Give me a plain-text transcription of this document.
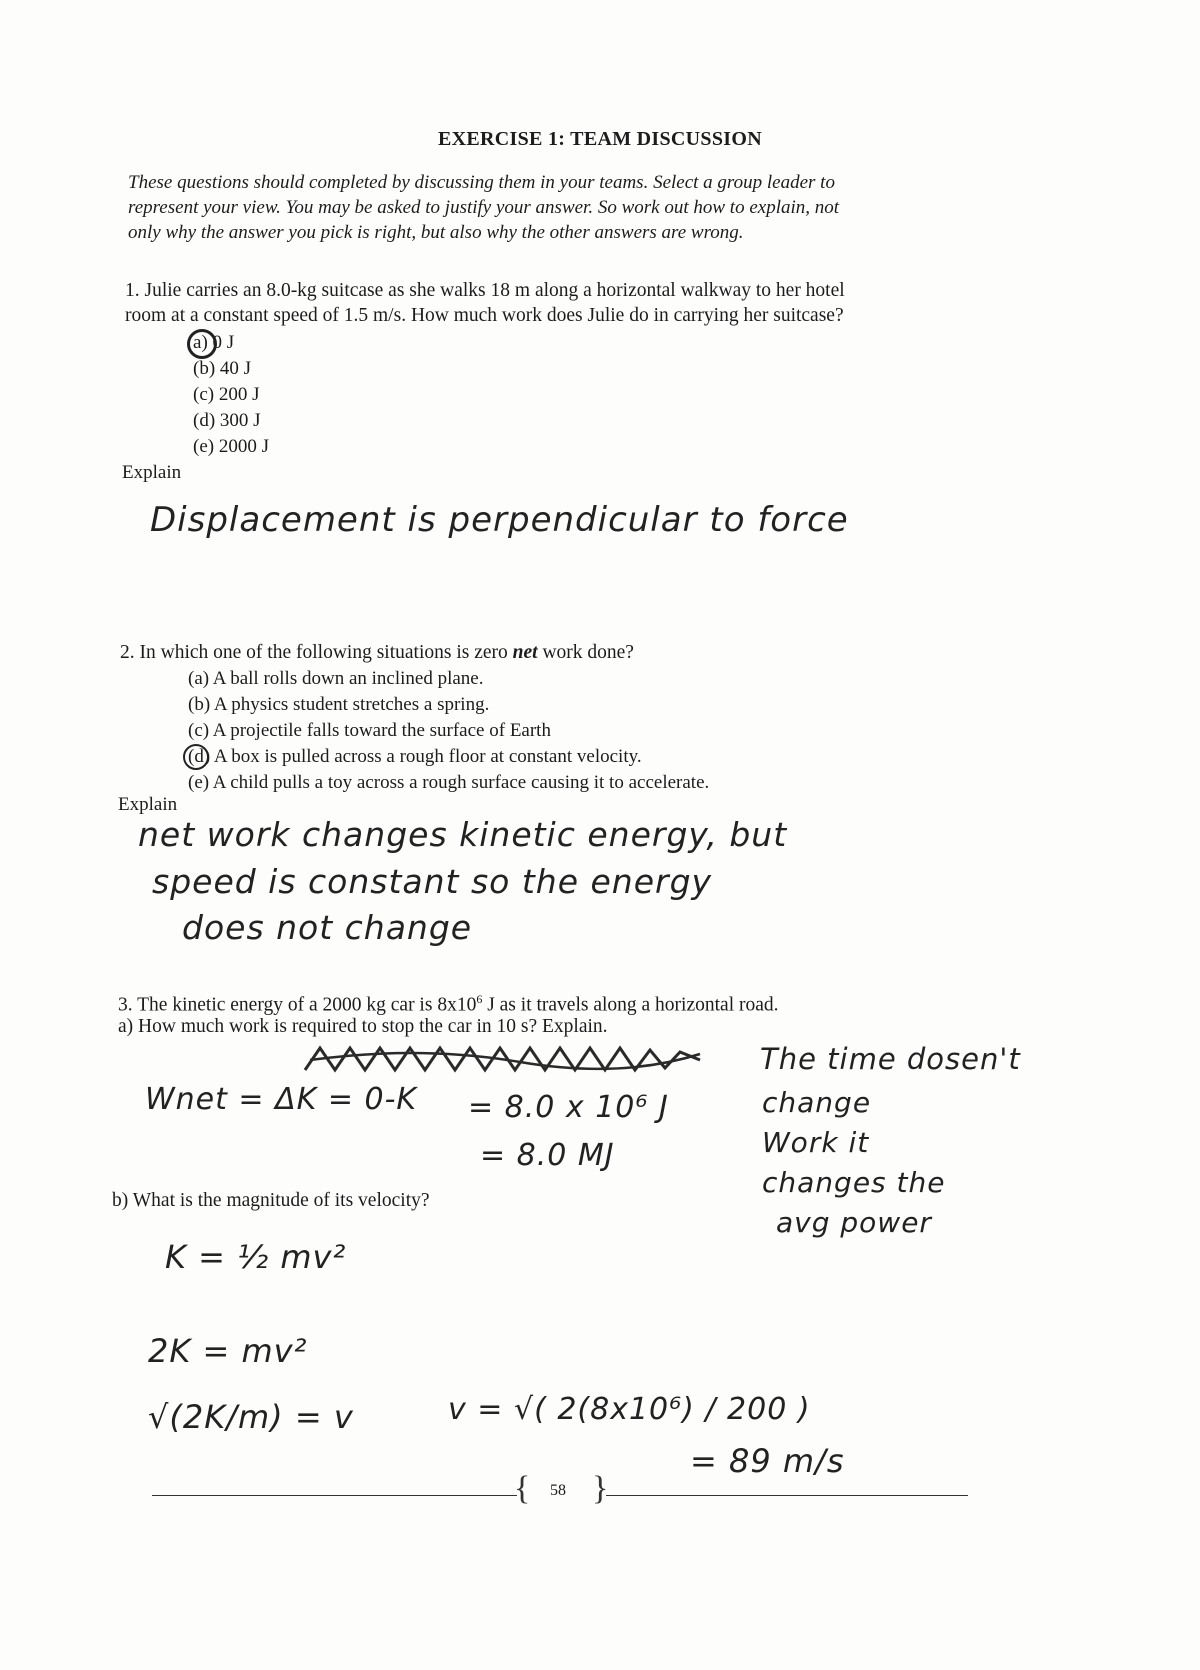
EXERCISE 1: TEAM DISCUSSION
These questions should completed by discussing them in your teams. Select a group leader to
represent your view. You may be asked to justify your answer. So work out how to explain, not
only why the answer you pick is right, but also why the other answers are wrong.
1. Julie carries an 8.0-kg suitcase as she walks 18 m along a horizontal walkway to her hotel
room at a constant speed of 1.5 m/s. How much work does Julie do in carrying her suitcase?
a) 0 J
(b) 40 J
(c) 200 J
(d) 300 J
(e) 2000 J
Explain
Displacement is perpendicular to force
2. In which one of the following situations is zero net work done?
(a) A ball rolls down an inclined plane.
(b) A physics student stretches a spring.
(c) A projectile falls toward the surface of Earth
(d) A box is pulled across a rough floor at constant velocity.
(e) A child pulls a toy across a rough surface causing it to accelerate.
Explain
net work changes kinetic energy, but
speed is constant so the energy
does not change
3. The kinetic energy of a 2000 kg car is $8x10^6$ J as it travels along a horizontal road.
a) How much work is required to stop the car in 10 s? Explain.
Wnet = ΔK = 0-K = 8.0 x 10⁶ J
= 8.0 MJ
The time dosen't
change
Work it
changes the
avg power
b) What is the magnitude of its velocity?
K = ½ mv²
2K = mv²
√(2K/m) = v	v = √( 2(8x10⁶) / 200 )
= 89 m/s
{ 58 }
